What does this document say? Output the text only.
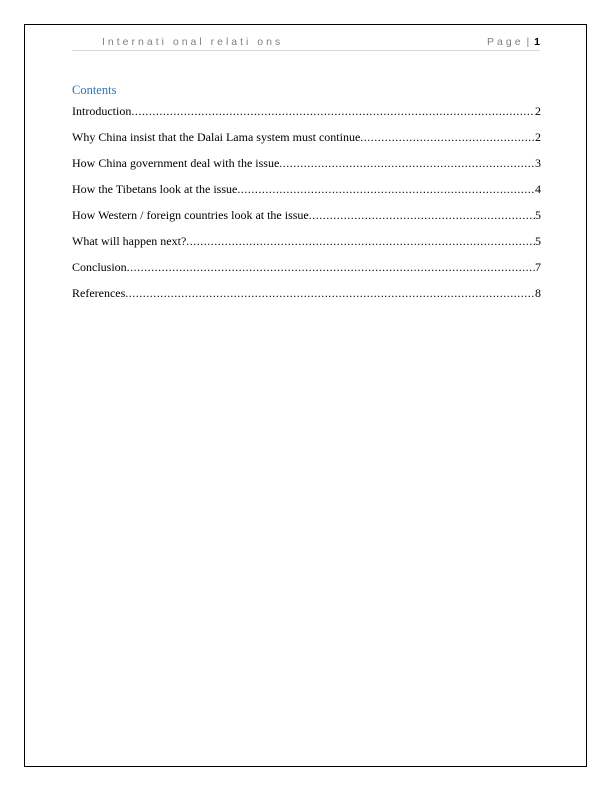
Internati onal relati ons	Page | 1
Contents
Introduction .....	2
Why China insist that the Dalai Lama system must continue .....	2
How China government deal with the issue .....	3
How the Tibetans look at the issue .....	4
How Western / foreign countries look at the issue .....	5
What will happen next? .....	5
Conclusion .....	7
References .....	8
